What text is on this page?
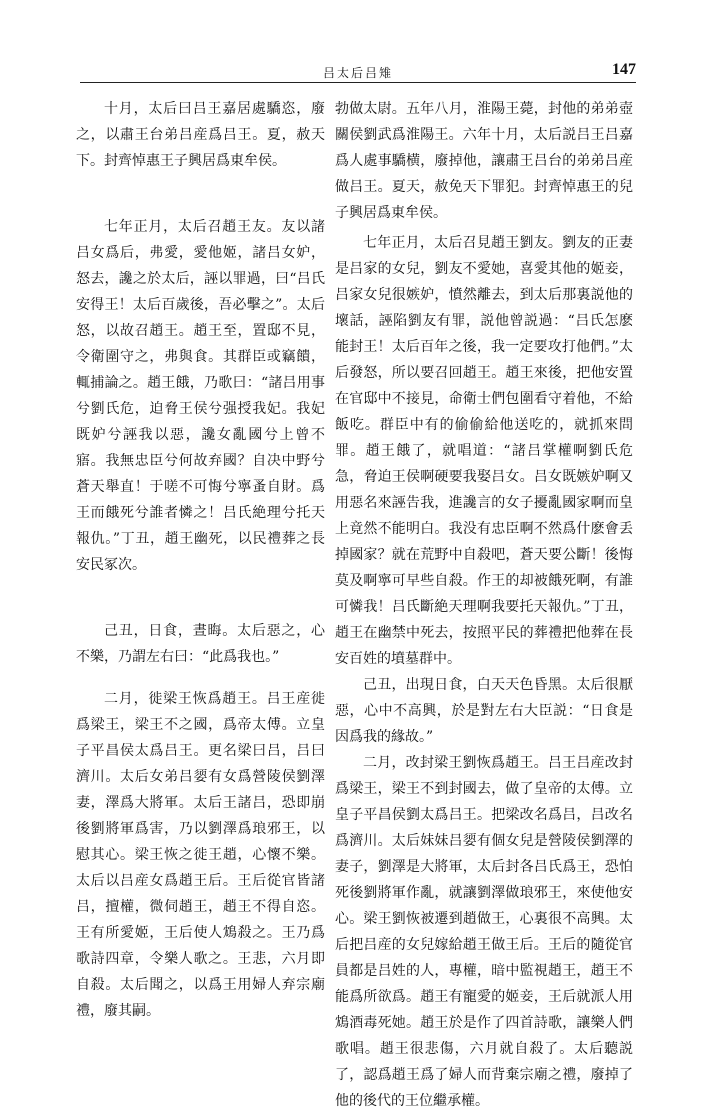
吕太后吕雉	147

十月，太后曰吕王嘉居處驕恣，廢之，以肅王台弟吕産爲吕王。夏，赦天下。封齊悼惠王子興居爲東牟侯。

七年正月，太后召趙王友。友以諸吕女爲后，弗愛，愛他姬，諸吕女妒，怒去，讒之於太后，誣以罪過，曰“吕氏安得王！太后百歲後，吾必擊之”。太后怒，以故召趙王。趙王至，置邸不見，令衛圍守之，弗與食。其群臣或竊饋，輒捕論之。趙王餓，乃歌曰：“諸吕用事兮劉氏危，迫脅王侯兮强授我妃。我妃既妒兮誣我以惡，讒女亂國兮上曾不寤。我無忠臣兮何故弃國？自决中野兮蒼天舉直！于嗟不可悔兮寧蚤自財。爲王而餓死兮誰者憐之！吕氏絶理兮托天報仇。”丁丑，趙王幽死，以民禮葬之長安民冢次。

己丑，日食，晝晦。太后惡之，心不樂，乃謂左右曰：“此爲我也。”

二月，徙梁王恢爲趙王。吕王産徙爲梁王，梁王不之國，爲帝太傅。立皇子平昌侯太爲吕王。更名梁曰吕，吕曰濟川。太后女弟吕媭有女爲營陵侯劉澤妻，澤爲大將軍。太后王諸吕，恐即崩後劉將軍爲害，乃以劉澤爲琅邪王，以慰其心。梁王恢之徙王趙，心懷不樂。太后以吕産女爲趙王后。王后從官皆諸吕，擅權，微伺趙王，趙王不得自恣。王有所愛姬，王后使人鴆殺之。王乃爲歌詩四章，令樂人歌之。王悲，六月即自殺。太后聞之，以爲王用婦人弃宗廟禮，廢其嗣。

勃做太尉。五年八月，淮陽王薨，封他的弟弟壺關侯劉武爲淮陽王。六年十月，太后説吕王吕嘉爲人處事驕横，廢掉他，讓肅王吕台的弟弟吕産做吕王。夏天，赦免天下罪犯。封齊悼惠王的兒子興居爲東牟侯。

七年正月，太后召見趙王劉友。劉友的正妻是吕家的女兒，劉友不愛她，喜愛其他的姬妾，吕家女兒很嫉妒，憤然離去，到太后那裏説他的壞話，誣陷劉友有罪，説他曾説過：“吕氏怎麽能封王！太后百年之後，我一定要攻打他們。”太后發怒，所以要召回趙王。趙王來後，把他安置在官邸中不接見，命衛士們包圍看守着他，不給飯吃。群臣中有的偷偷給他送吃的，就抓來問罪。趙王餓了，就唱道：“諸吕掌權啊劉氏危急，脅迫王侯啊硬要我娶吕女。吕女既嫉妒啊又用惡名來誣告我，進讒言的女子擾亂國家啊而皇上竟然不能明白。我没有忠臣啊不然爲什麽會丢掉國家？就在荒野中自殺吧，蒼天要公斷！後悔莫及啊寧可早些自殺。作王的却被餓死啊，有誰可憐我！吕氏斷絶天理啊我要托天報仇。”丁丑，趙王在幽禁中死去，按照平民的葬禮把他葬在長安百姓的墳墓群中。

己丑，出現日食，白天天色昏黑。太后很厭惡，心中不高興，於是對左右大臣説：“日食是因爲我的緣故。”

二月，改封梁王劉恢爲趙王。吕王吕産改封爲梁王，梁王不到封國去，做了皇帝的太傅。立皇子平昌侯劉太爲吕王。把梁改名爲吕，吕改名爲濟川。太后妹妹吕媭有個女兒是營陵侯劉澤的妻子，劉澤是大將軍，太后封各吕氏爲王，恐怕死後劉將軍作亂，就讓劉澤做琅邪王，來使他安心。梁王劉恢被遷到趙做王，心裏很不高興。太后把吕産的女兒嫁給趙王做王后。王后的隨從官員都是吕姓的人，專權，暗中監視趙王，趙王不能爲所欲爲。趙王有寵愛的姬妾，王后就派人用鴆酒毒死她。趙王於是作了四首詩歌，讓樂人們歌唱。趙王很悲傷，六月就自殺了。太后聽説了，認爲趙王爲了婦人而背棄宗廟之禮，廢掉了他的後代的王位繼承權。
